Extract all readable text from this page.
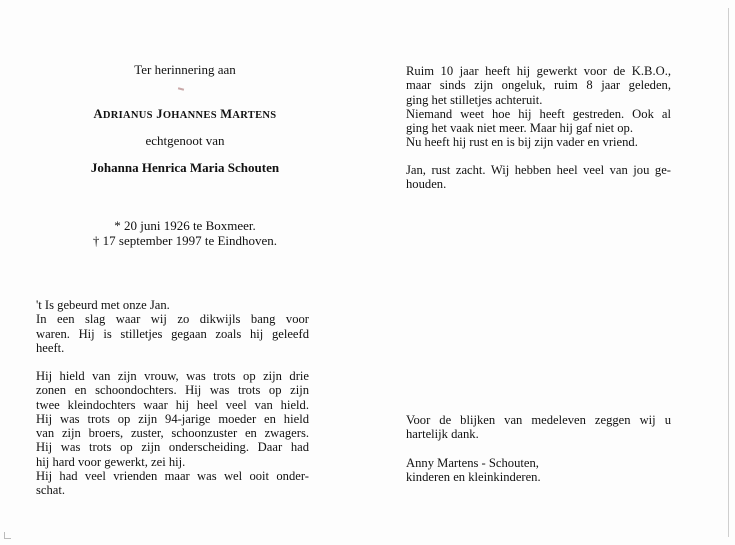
Ter herinnering aan
ADRIANUS JOHANNES MARTENS
echtgenoot van
Johanna Henrica Maria Schouten
* 20 juni 1926 te Boxmeer.
† 17 september 1997 te Eindhoven.
't Is gebeurd met onze Jan.
In een slag waar wij zo dikwijls bang voor
waren. Hij is stilletjes gegaan zoals hij geleefd
heeft.
Hij hield van zijn vrouw, was trots op zijn drie
zonen en schoondochters. Hij was trots op zijn
twee kleindochters waar hij heel veel van hield.
Hij was trots op zijn 94-jarige moeder en hield
van zijn broers, zuster, schoonzuster en zwagers.
Hij was trots op zijn onderscheiding. Daar had
hij hard voor gewerkt, zei hij.
Hij had veel vrienden maar was wel ooit onder-
schat.
Ruim 10 jaar heeft hij gewerkt voor de K.B.O.,
maar sinds zijn ongeluk, ruim 8 jaar geleden,
ging het stilletjes achteruit.
Niemand weet hoe hij heeft gestreden. Ook al
ging het vaak niet meer. Maar hij gaf niet op.
Nu heeft hij rust en is bij zijn vader en vriend.
Jan, rust zacht. Wij hebben heel veel van jou ge-
houden.
Voor de blijken van medeleven zeggen wij u
hartelijk dank.
Anny Martens - Schouten,
kinderen en kleinkinderen.
